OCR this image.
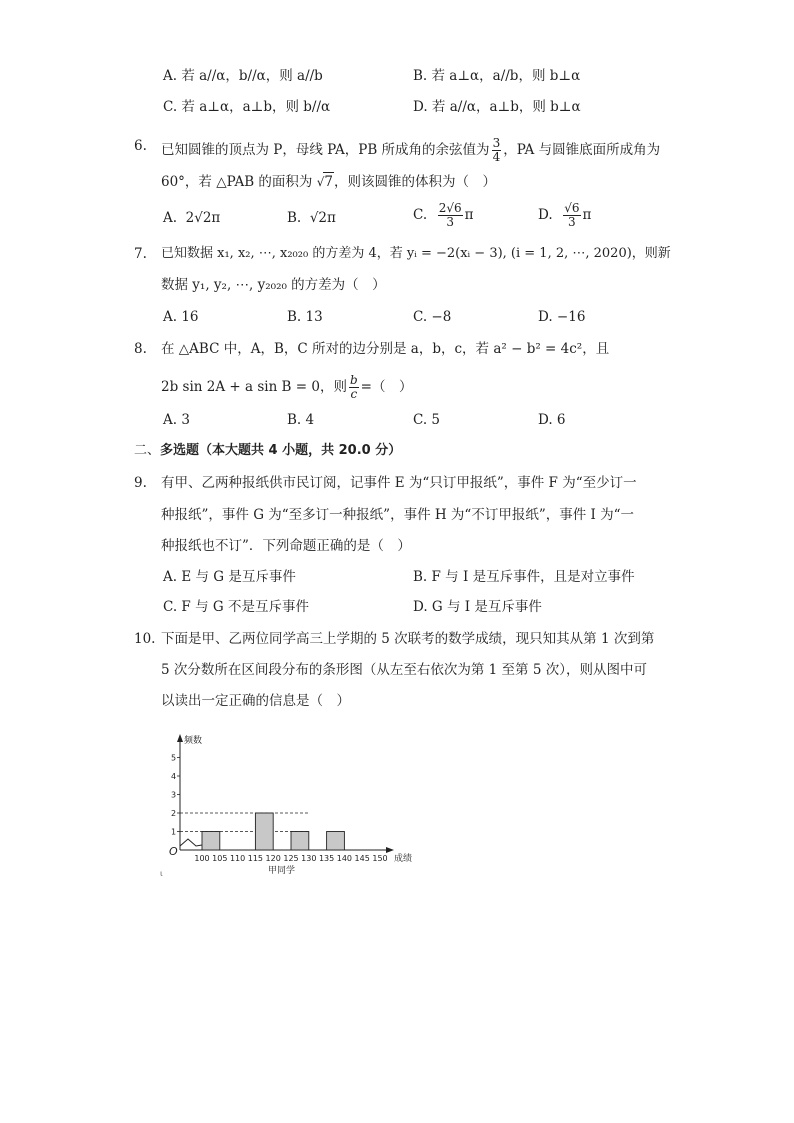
A. 若 a//α，b//α，则 a//b	B. 若 a⊥α，a//b，则 b⊥α
C. 若 a⊥α，a⊥b，则 b//α	D. 若 a//α，a⊥b，则 b⊥α
6. 已知圆锥的顶点为 P，母线 PA，PB 所成角的余弦值为 $\frac{3}{4}$ ，PA 与圆锥底面所成角为
60°，若 △PAB 的面积为 √7，则该圆锥的体积为（　）
A. 2√2π	B. √2π	C. $\frac{2√6}{3}$ π	D. $\frac{√6}{3}$ π
7. 已知数据 x₁, x₂, ⋯, x₂₀₂₀ 的方差为 4，若 yᵢ = −2(xᵢ − 3), (i = 1, 2, ⋯, 2020)，则新
数据 y₁, y₂, ⋯, y₂₀₂₀ 的方差为（　）
A. 16	B. 13	C. −8	D. −16
8. 在 △ABC 中，A，B，C 所对的边分别是 a，b，c，若 a² − b² = 4c²，且
2b sin 2A + a sin B = 0，则 $\frac{b}{c}$ =（　）
A. 3	B. 4	C. 5	D. 6
二、多选题（本大题共 4 小题，共 20.0 分）
9. 有甲、乙两种报纸供市民订阅，记事件 E 为“只订甲报纸”，事件 F 为“至少订一
种报纸”，事件 G 为“至多订一种报纸”，事件 H 为“不订甲报纸”，事件 I 为“一
种报纸也不订”．下列命题正确的是（　）
A. E 与 G 是互斥事件	B. F 与 I 是互斥事件，且是对立事件
C. F 与 G 不是互斥事件	D. G 与 I 是互斥事件
10. 下面是甲、乙两位同学高三上学期的 5 次联考的数学成绩，现只知其从第 1 次到第
5 次分数所在区间段分布的条形图（从左至右依次为第 1 至第 5 次），则从图中可
以读出一定正确的信息是（　）
O
频数
成绩
甲同学
ι
1
2
3
4
5
100 105 110 115 120 125 130 135 140 145 150
